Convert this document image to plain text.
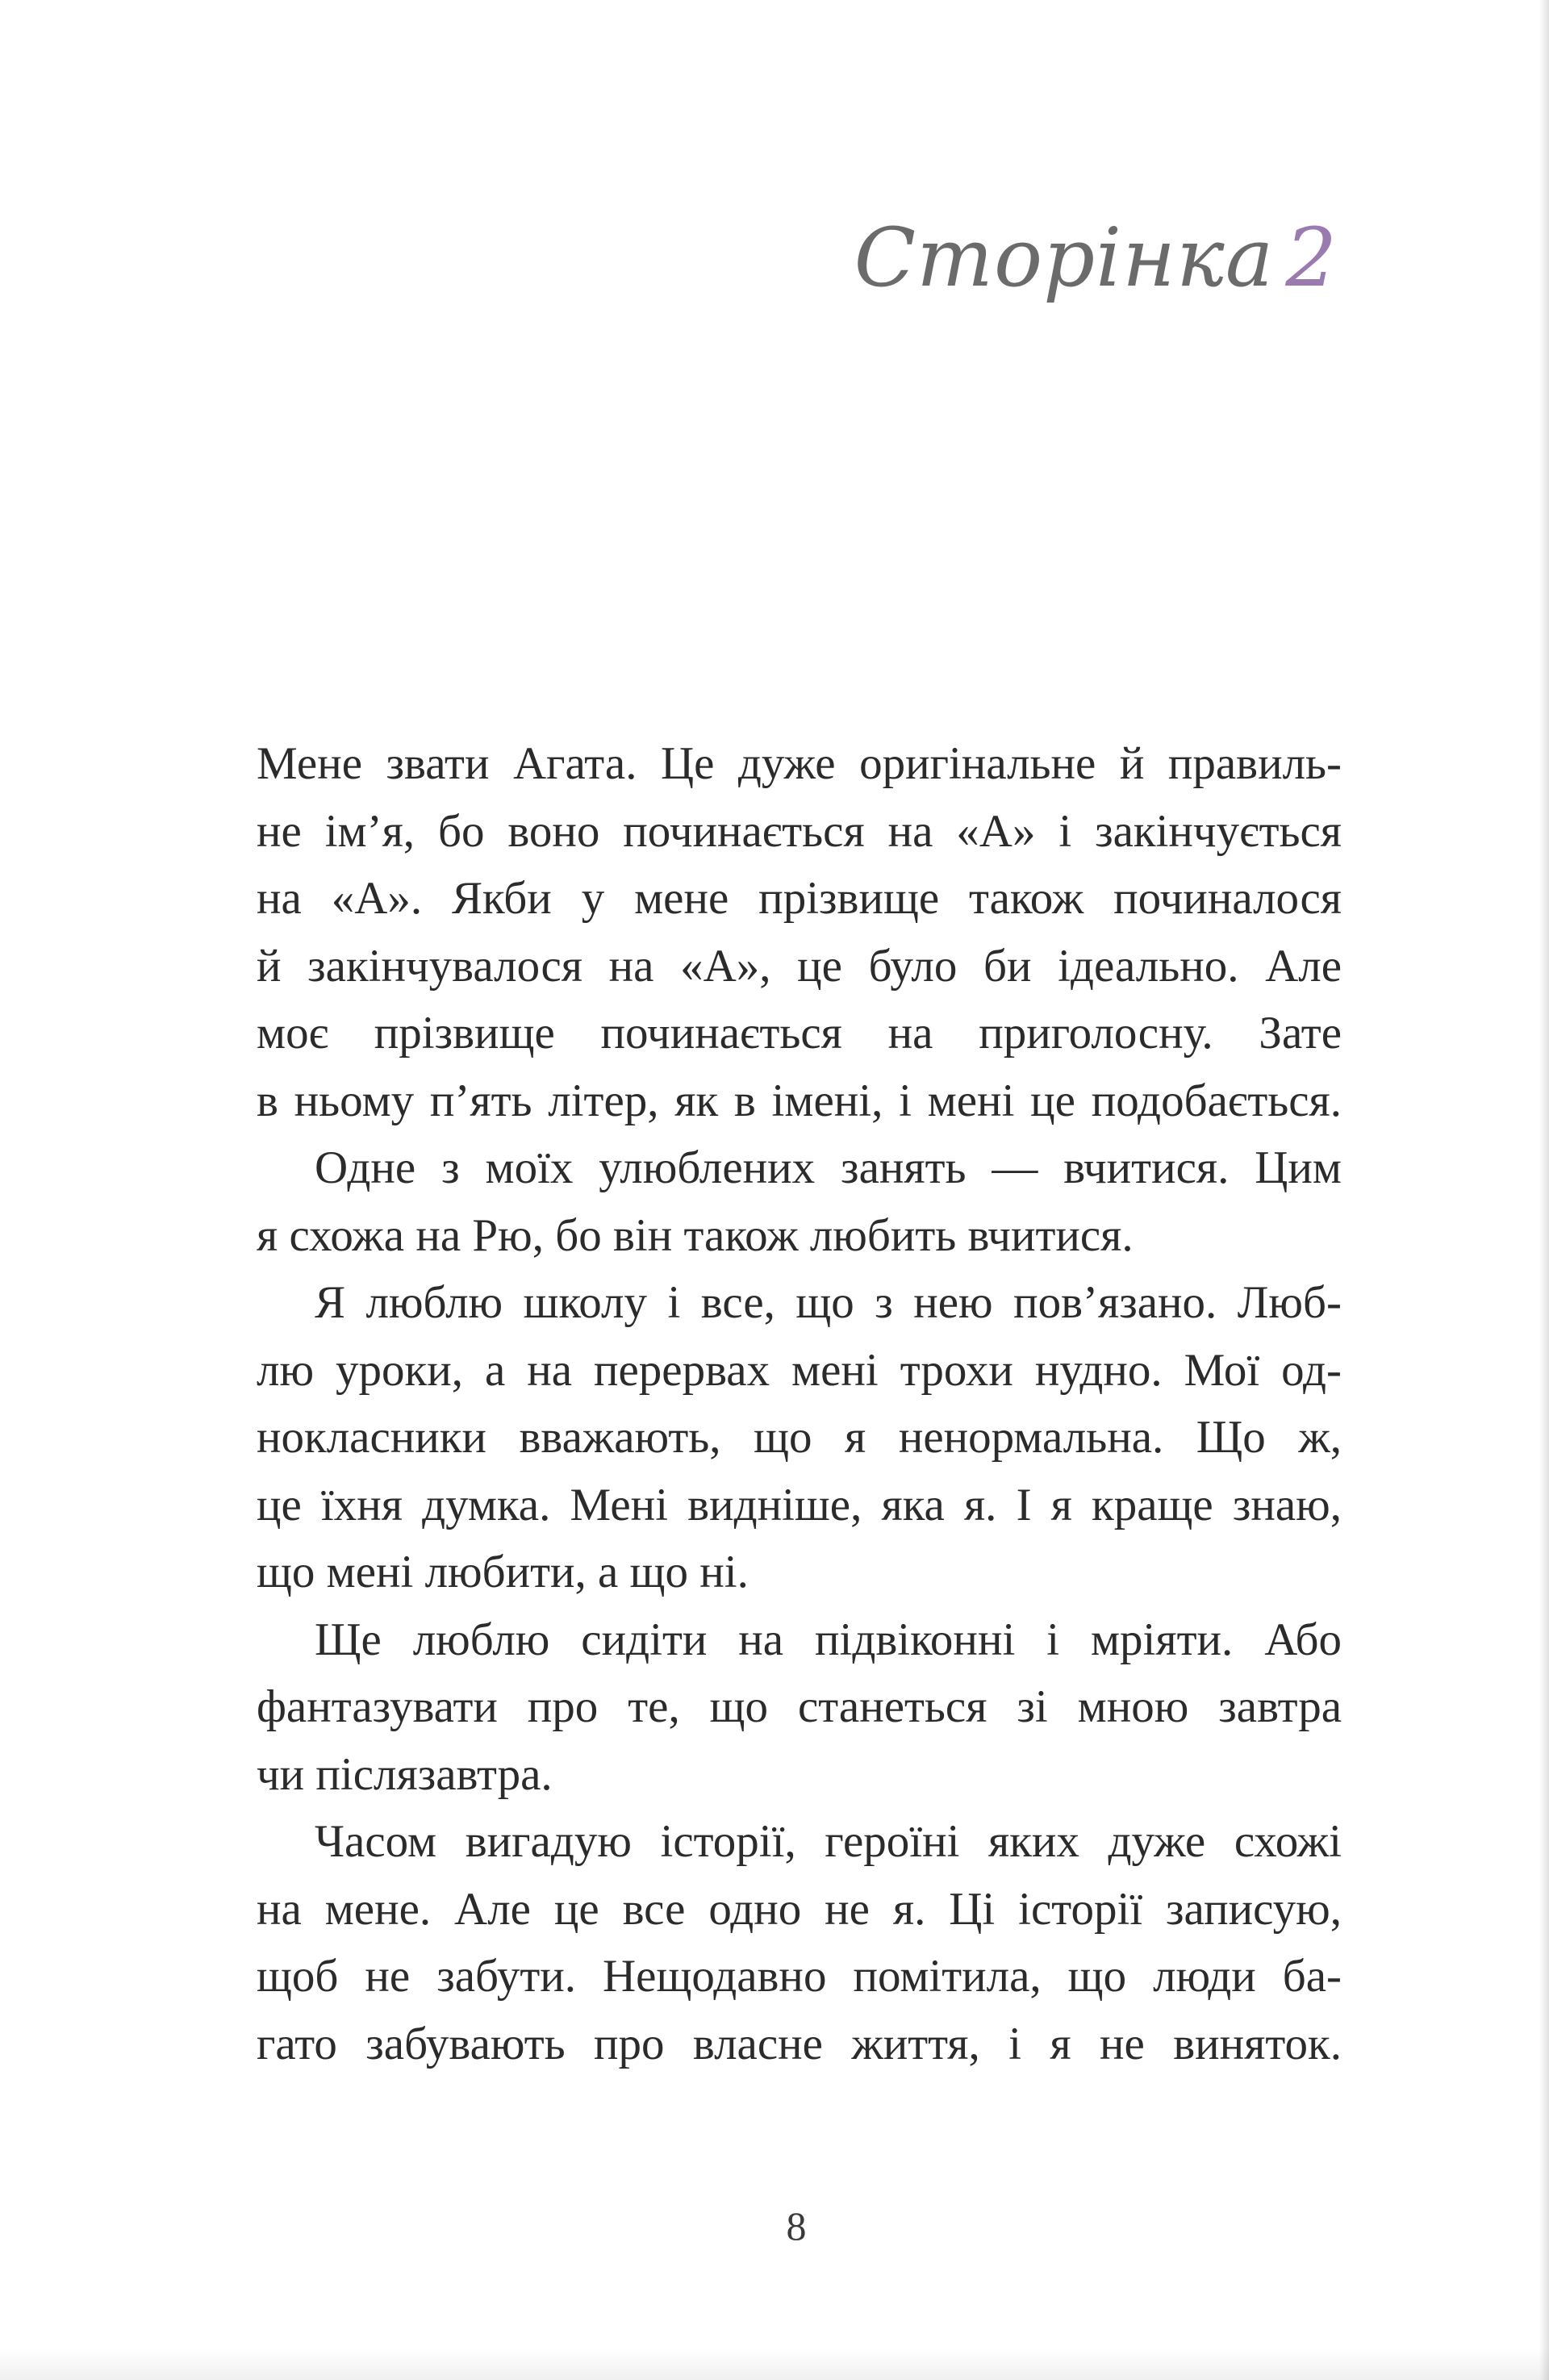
Сторінка 2

Мене звати Агата. Це дуже оригінальне й правиль-
не ім’я, бо воно починається на «А» і закінчується
на «А». Якби у мене прізвище також починалося
й закінчувалося на «А», це було би ідеально. Але
моє прізвище починається на приголосну. Зате
в ньому п’ять літер, як в імені, і мені це подобається.

Одне з моїх улюблених занять — вчитися. Цим
я схожа на Рю, бо він також любить вчитися.

Я люблю школу і все, що з нею пов’язано. Люб-
лю уроки, а на перервах мені трохи нудно. Мої од-
нокласники вважають, що я ненормальна. Що ж,
це їхня думка. Мені видніше, яка я. І я краще знаю,
що мені любити, а що ні.

Ще люблю сидіти на підвіконні і мріяти. Або
фантазувати про те, що станеться зі мною завтра
чи післязавтра.

Часом вигадую історії, героїні яких дуже схожі
на мене. Але це все одно не я. Ці історії записую,
щоб не забути. Нещодавно помітила, що люди ба-
гато забувають про власне життя, і я не виняток.

8
